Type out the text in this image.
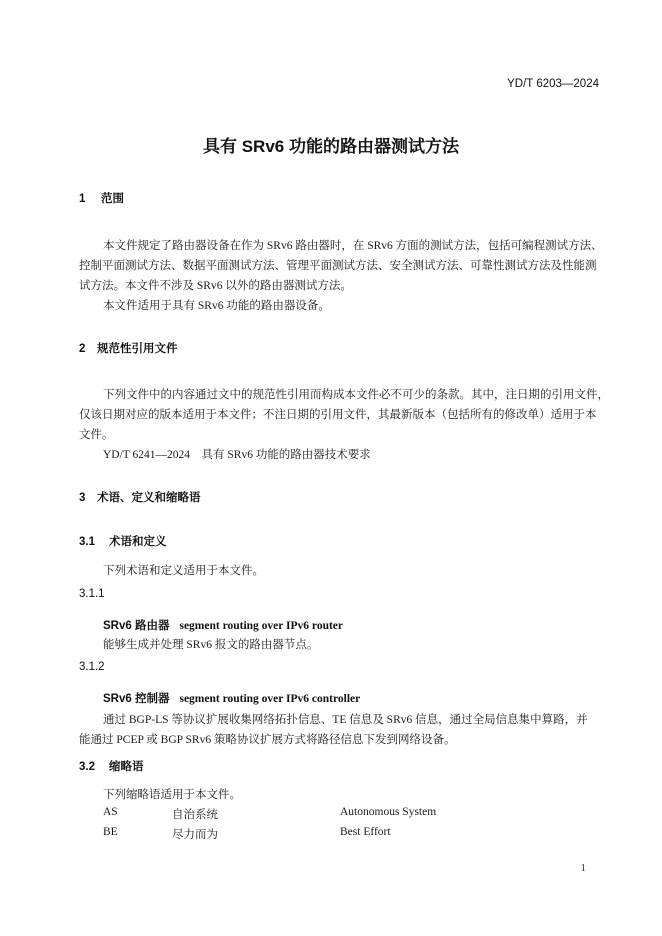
YD/T 6203—2024
具有 SRv6 功能的路由器测试方法
1 范围
本文件规定了路由器设备在作为 SRv6 路由器时，在 SRv6 方面的测试方法，包括可编程测试方法、
控制平面测试方法、数据平面测试方法、管理平面测试方法、安全测试方法、可靠性测试方法及性能测
试方法。本文件不涉及 SRv6 以外的路由器测试方法。
本文件适用于具有 SRv6 功能的路由器设备。
2 规范性引用文件
下列文件中的内容通过文中的规范性引用而构成本文件必不可少的条款。其中，注日期的引用文件，
仅该日期对应的版本适用于本文件；不注日期的引用文件，其最新版本（包括所有的修改单）适用于本
文件。
YD/T 6241—2024　具有 SRv6 功能的路由器技术要求
3 术语、定义和缩略语
3.1 术语和定义
下列术语和定义适用于本文件。
3.1.1
SRv6 路由器 segment routing over IPv6 router
能够生成并处理 SRv6 报文的路由器节点。
3.1.2
SRv6 控制器 segment routing over IPv6 controller
通过 BGP-LS 等协议扩展收集网络拓扑信息、TE 信息及 SRv6 信息，通过全局信息集中算路，并
能通过 PCEP 或 BGP SRv6 策略协议扩展方式将路径信息下发到网络设备。
3.2 缩略语
下列缩略语适用于本文件。
AS	自治系统	Autonomous System
BE	尽力而为	Best Effort
1
